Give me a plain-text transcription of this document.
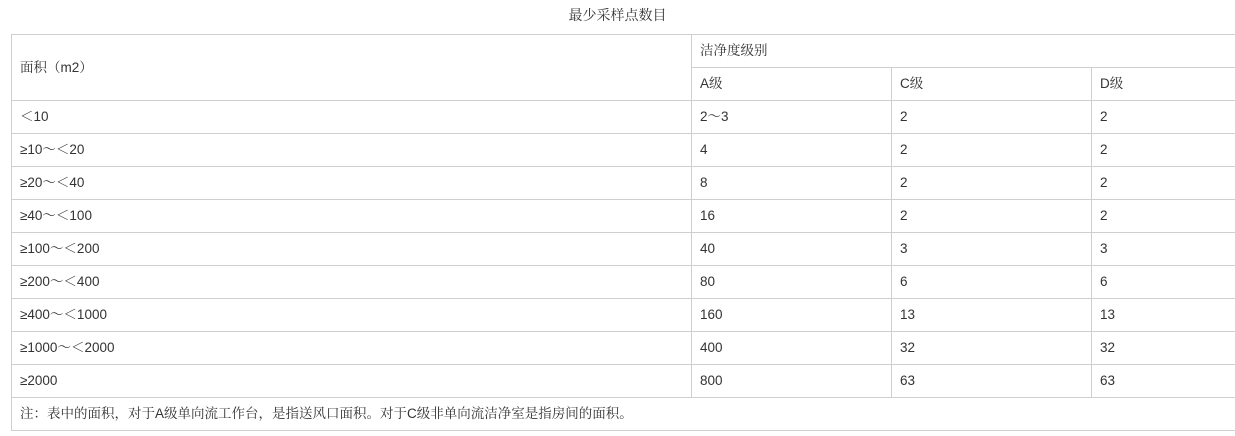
最少采样点数目
面积（m2）	洁净度级别		
	A级	C级	D级
＜10	2～3	2	2
≥10～＜20	4	2	2
≥20～＜40	8	2	2
≥40～＜100	16	2	2
≥100～＜200	40	3	3
≥200～＜400	80	6	6
≥400～＜1000	160	13	13
≥1000～＜2000	400	32	32
≥2000	800	63	63
注：表中的面积，对于A级单向流工作台，是指送风口面积。对于C级非单向流洁净室是指房间的面积。			
